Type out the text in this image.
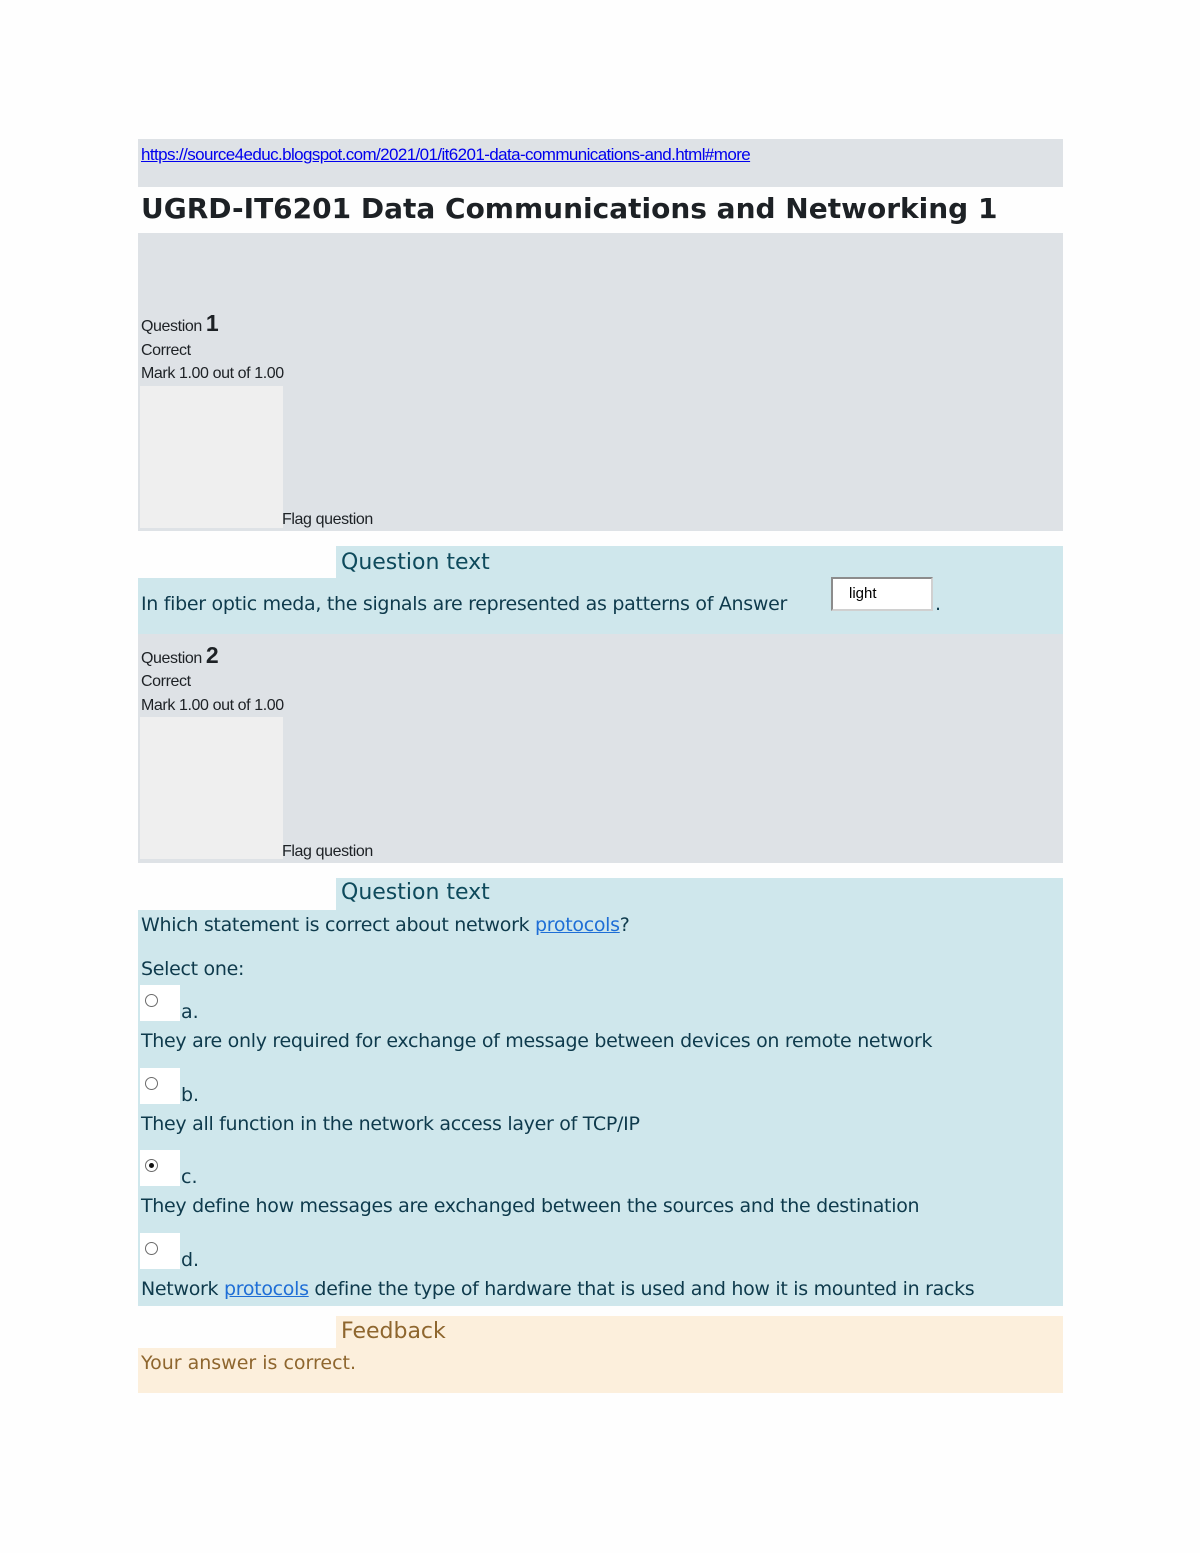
https://source4educ.blogspot.com/2021/01/it6201-data-communications-and.html#more
UGRD-IT6201 Data Communications and Networking 1
Question 1
Correct
Mark 1.00 out of 1.00
Flag question
Question text
In fiber optic meda, the signals are represented as patterns of Answer	light	.
Question 2
Correct
Mark 1.00 out of 1.00
Flag question
Question text
Which statement is correct about network protocols?
Select one:
a.
They are only required for exchange of message between devices on remote network
b.
They all function in the network access layer of TCP/IP
c.
They define how messages are exchanged between the sources and the destination
d.
Network protocols define the type of hardware that is used and how it is mounted in racks
Feedback
Your answer is correct.
